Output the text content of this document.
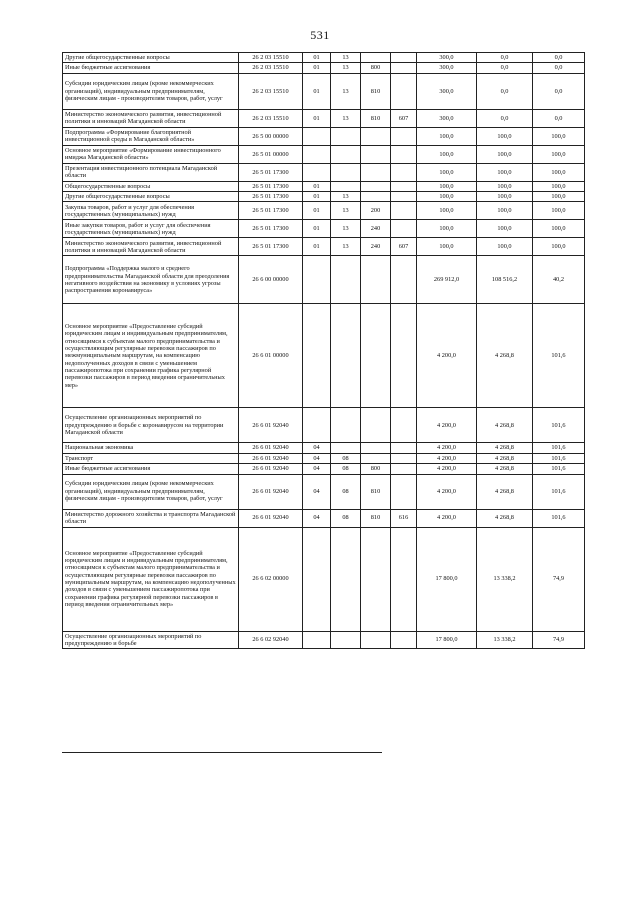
531
Другие общегосударственные вопросы	26 2 03 15510	01	13			300,0	0,0	0,0
Иные бюджетные ассигнования	26 2 03 15510	01	13	800		300,0	0,0	0,0
Субсидии юридическим лицам (кроме некоммерческих организаций), индивидуальным предпринимателям, физическим лицам - производителям товаров, работ, услуг	26 2 03 15510	01	13	810		300,0	0,0	0,0
Министерство экономического развития, инвестиционной политики и инноваций Магаданской области	26 2 03 15510	01	13	810	607	300,0	0,0	0,0
Подпрограмма «Формирование благоприятной инвестиционной среды в Магаданской области»	26 5 00 00000					100,0	100,0	100,0
Основное мероприятие «Формирование инвестиционного имиджа Магаданской области»	26 5 01 00000					100,0	100,0	100,0
Презентация инвестиционного потенциала Магаданской области	26 5 01 17300					100,0	100,0	100,0
Общегосударственные вопросы	26 5 01 17300	01				100,0	100,0	100,0
Другие общегосударственные вопросы	26 5 01 17300	01	13			100,0	100,0	100,0
Закупка товаров, работ и услуг для обеспечения государственных (муниципальных) нужд	26 5 01 17300	01	13	200		100,0	100,0	100,0
Иные закупки товаров, работ и услуг для обеспечения государственных (муниципальных) нужд	26 5 01 17300	01	13	240		100,0	100,0	100,0
Министерство экономического развития, инвестиционной политики и инноваций Магаданской области	26 5 01 17300	01	13	240	607	100,0	100,0	100,0
Подпрограмма «Поддержка малого и среднего предпринимательства Магаданской области для преодоления негативного воздействия на экономику в условиях угрозы распространения коронавируса»	26 6 00 00000					269 912,0	108 516,2	40,2
Основное мероприятие «Предоставление субсидий юридическим лицам и индивидуальным предпринимателям, относящимся к субъектам малого предпринимательства и осуществляющим регулярные перевозки пассажиров по межмуниципальным маршрутам, на компенсацию недополученных доходов в связи с уменьшением пассажиропотока при сохранении графика регулярной перевозки пассажиров в период введения ограничительных мер»	26 6 01 00000					4 200,0	4 268,8	101,6
Осуществление организационных мероприятий по предупреждению и борьбе с коронавирусом на территории Магаданской области	26 6 01 92040					4 200,0	4 268,8	101,6
Национальная экономика	26 6 01 92040	04				4 200,0	4 268,8	101,6
Транспорт	26 6 01 92040	04	08			4 200,0	4 268,8	101,6
Иные бюджетные ассигнования	26 6 01 92040	04	08	800		4 200,0	4 268,8	101,6
Субсидии юридическим лицам (кроме некоммерческих организаций), индивидуальным предпринимателям, физическим лицам - производителям товаров, работ, услуг	26 6 01 92040	04	08	810		4 200,0	4 268,8	101,6
Министерство дорожного хозяйства и транспорта Магаданской области	26 6 01 92040	04	08	810	616	4 200,0	4 268,8	101,6
Основное мероприятие «Предоставление субсидий юридическим лицам и индивидуальным предпринимателям, относящимся к субъектам малого предпринимательства и осуществляющим регулярные перевозки пассажиров по муниципальным маршрутам, на компенсацию недополученных доходов в связи с уменьшением пассажиропотока при сохранении графика регулярной перевозки пассажиров в период введения ограничительных мер»	26 6 02 00000					17 800,0	13 338,2	74,9
Осуществление организационных мероприятий по предупреждению и борьбе	26 6 02 92040					17 800,0	13 338,2	74,9
